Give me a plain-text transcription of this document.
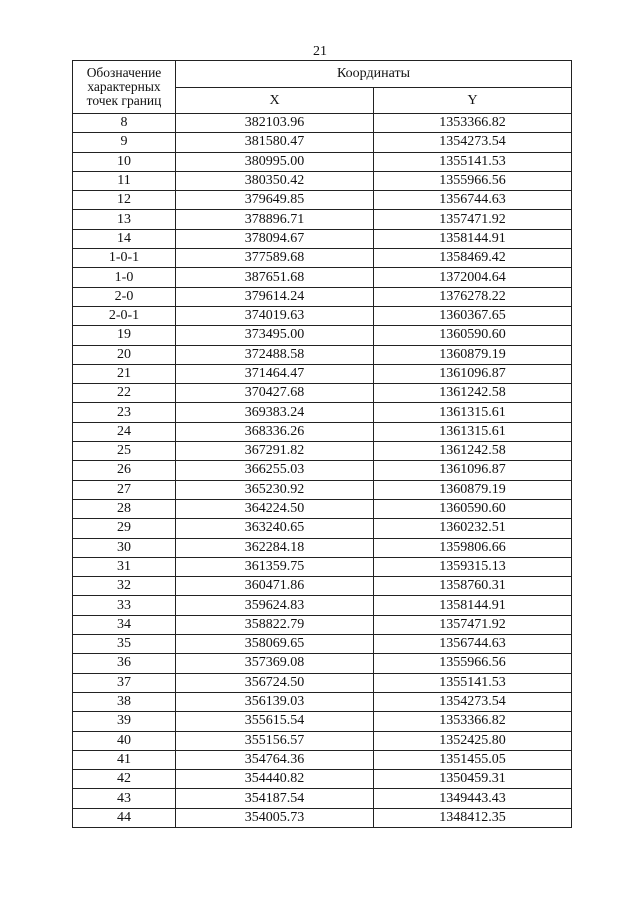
21
Обозначение характерных точек границ	Координаты	
	X	Y
8	382103.96	1353366.82
9	381580.47	1354273.54
10	380995.00	1355141.53
11	380350.42	1355966.56
12	379649.85	1356744.63
13	378896.71	1357471.92
14	378094.67	1358144.91
1-0-1	377589.68	1358469.42
1-0	387651.68	1372004.64
2-0	379614.24	1376278.22
2-0-1	374019.63	1360367.65
19	373495.00	1360590.60
20	372488.58	1360879.19
21	371464.47	1361096.87
22	370427.68	1361242.58
23	369383.24	1361315.61
24	368336.26	1361315.61
25	367291.82	1361242.58
26	366255.03	1361096.87
27	365230.92	1360879.19
28	364224.50	1360590.60
29	363240.65	1360232.51
30	362284.18	1359806.66
31	361359.75	1359315.13
32	360471.86	1358760.31
33	359624.83	1358144.91
34	358822.79	1357471.92
35	358069.65	1356744.63
36	357369.08	1355966.56
37	356724.50	1355141.53
38	356139.03	1354273.54
39	355615.54	1353366.82
40	355156.57	1352425.80
41	354764.36	1351455.05
42	354440.82	1350459.31
43	354187.54	1349443.43
44	354005.73	1348412.35
